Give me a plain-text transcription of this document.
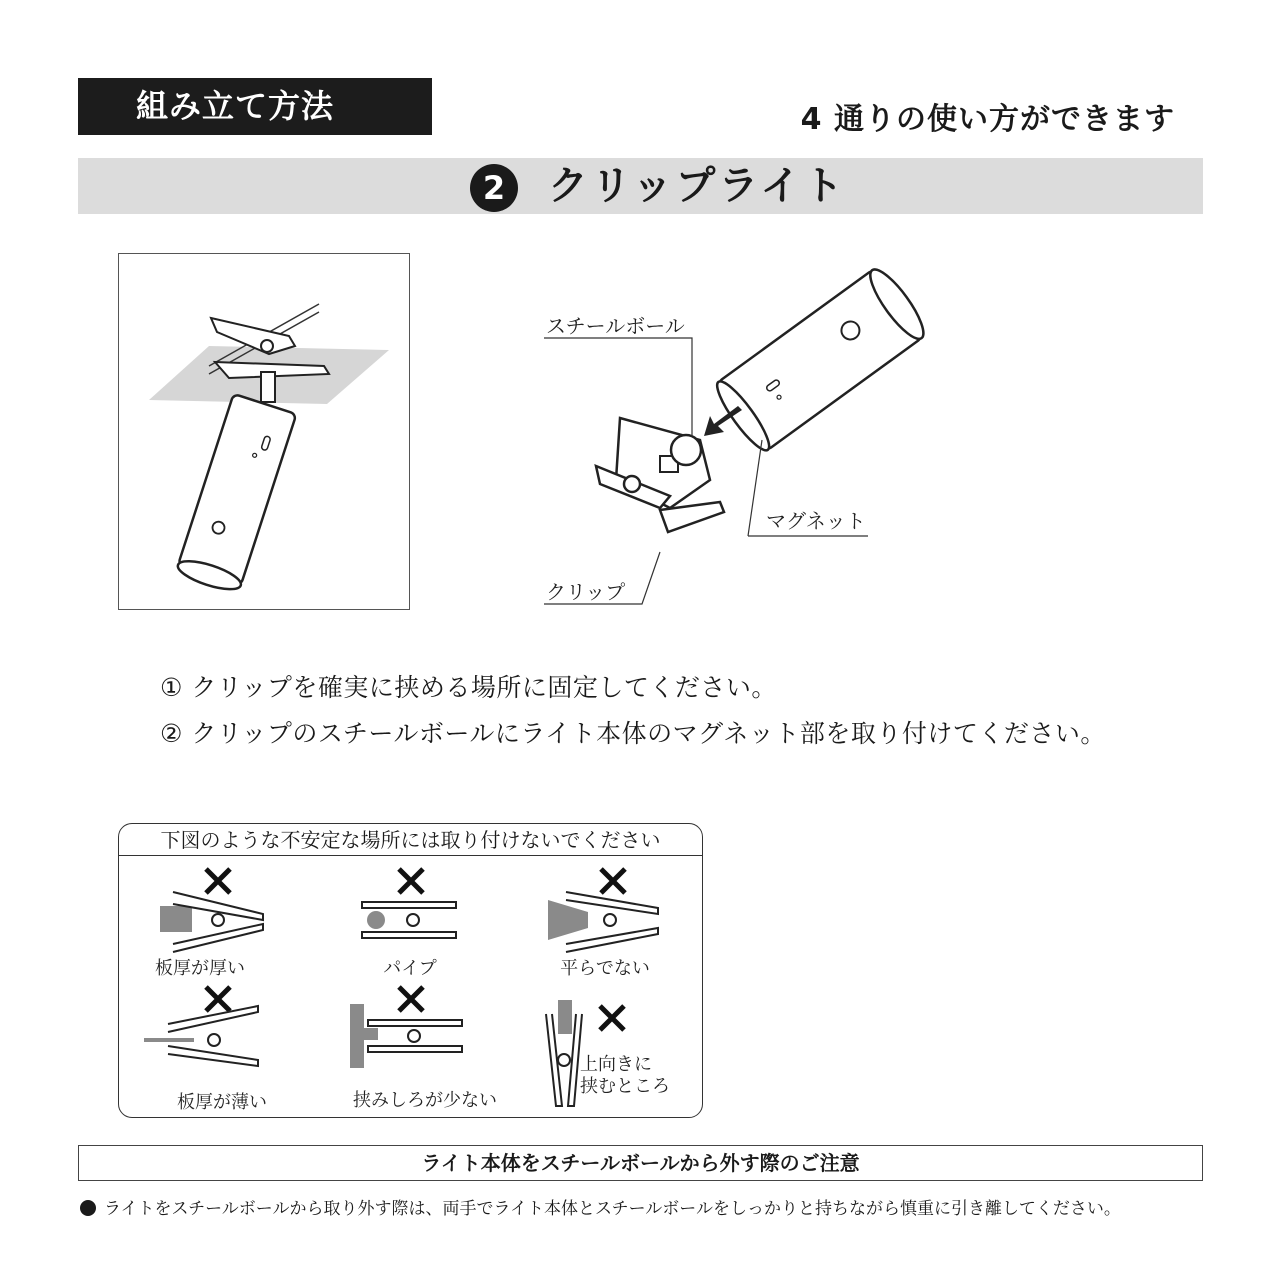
組み立て方法	4 通りの使い方ができます
2	クリップライト
スチールボール
マグネット
クリップ
① クリップを確実に挟める場所に固定してください。
② クリップのスチールボールにライト本体のマグネット部を取り付けてください。
下図のような不安定な場所には取り付けないでください
板厚が厚い	パイプ	平らでない
板厚が薄い	挟みしろが少ない
上向きに
挟むところ
ライト本体をスチールボールから外す際のご注意
ライトをスチールボールから取り外す際は、両手でライト本体とスチールボールをしっかりと持ちながら慎重に引き離してください。
